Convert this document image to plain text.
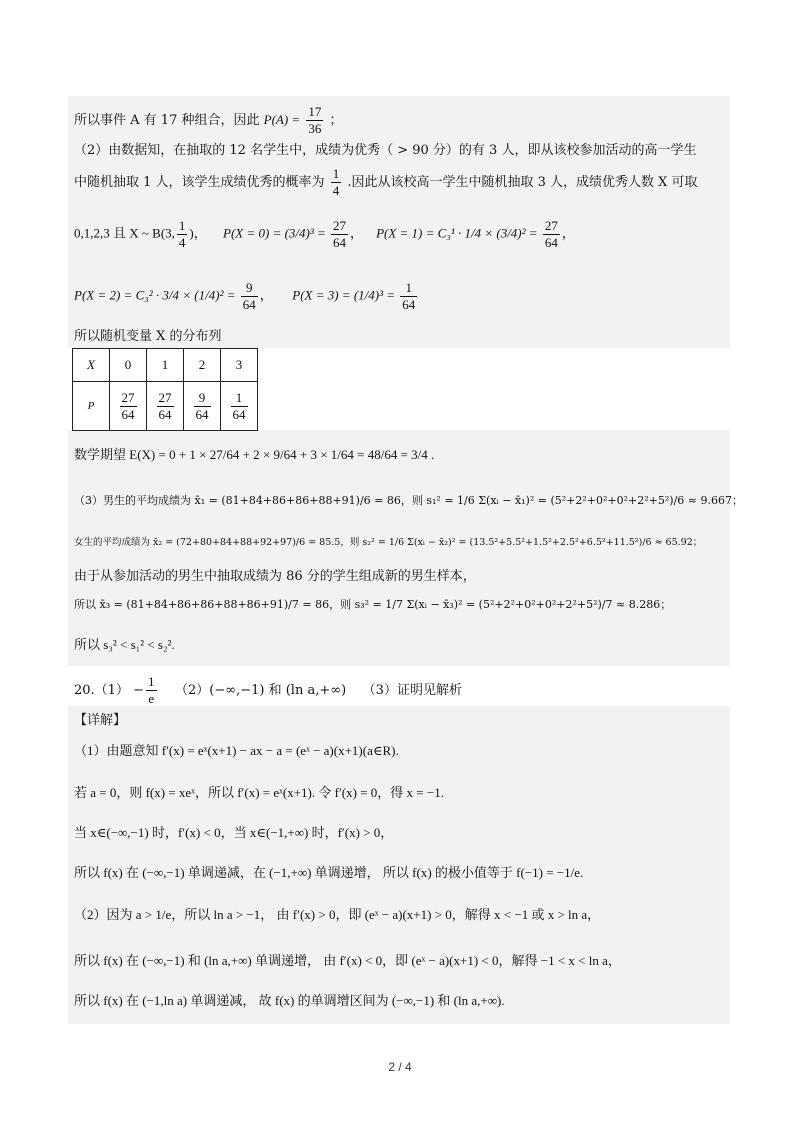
所以事件 A 有 17 种组合，因此 $P(A) = \frac{17}{36}$ ；
（2）由数据知，在抽取的 12 名学生中，成绩为优秀（ > 90 分）的有 3 人，即从该校参加活动的高一学生
中随机抽取 1 人，该学生成绩优秀的概率为 $\frac{1}{4}$ .因此从该校高一学生中随机抽取 3 人，成绩优秀人数 X 可取
0,1,2,3 且 X ~ B(3, $\frac{1}{4}$ )， $P(X = 0) = (3/4)^3 = \frac{27}{64}$ ，    $P(X = 1) = C_3^1 \cdot 1/4 \times (3/4)^2 = \frac{27}{64}$ ，
$P(X = 2) = C_3^2 \cdot 3/4 \times (1/4)^2 = \frac{9}{64}$ ，      $P(X = 3) = (1/4)^3 = \frac{1}{64}$
所以随机变量 X 的分布列
X	0	1	2	3
P	$\frac{27}{64}$	$\frac{27}{64}$	$\frac{9}{64}$	$\frac{1}{64}$
数学期望 E(X) = 0 + 1 × 27/64 + 2 × 9/64 + 3 × 1/64 = 48/64 = 3/4 .
（3）男生的平均成绩为 x̄₁ = (81+84+86+86+88+91)/6 = 86，则 s₁² = 1/6 Σ(xᵢ − x̄₁)² = (5²+2²+0²+0²+2²+5²)/6 ≈ 9.667；
女生的平均成绩为 x̄₂ = (72+80+84+88+92+97)/6 = 85.5，则 s₂² = 1/6 Σ(xᵢ − x̄₂)² = (13.5²+5.5²+1.5²+2.5²+6.5²+11.5²)/6 ≈ 65.92；
由于从参加活动的男生中抽取成绩为 86 分的学生组成新的男生样本，
所以 x̄₃ = (81+84+86+86+88+86+91)/7 = 86，则 s₃² = 1/7 Σ(xᵢ − x̄₃)² = (5²+2²+0²+0²+2²+5²)/7 ≈ 8.286；
所以 s₃² < s₁² < s₂².
$20.(1) - \frac{1}{e} (2)(-\infty,-1)$ 和 (ln a,+∞) （3）证明见解析
【详解】
（1）由题意知 f′(x) = eˣ(x+1) − ax − a = (eˣ − a)(x+1)(a∈R).
若 a = 0，则 f(x) = xeˣ，所以 f′(x) = eˣ(x+1). 令 f′(x) = 0，得 x = −1.
当 x∈(−∞,−1) 时，f′(x) < 0，当 x∈(−1,+∞) 时，f′(x) > 0，
所以 f(x) 在 (−∞,−1) 单调递减，在 (−1,+∞) 单调递增， 所以 f(x) 的极小值等于 f(−1) = −1/e.
（2）因为 a > 1/e，所以 ln a > −1， 由 f′(x) > 0，即 (eˣ − a)(x+1) > 0，解得 x < −1 或 x > ln a，
所以 f(x) 在 (−∞,−1) 和 (ln a,+∞) 单调递增， 由 f′(x) < 0，即 (eˣ − a)(x+1) < 0，解得 −1 < x < ln a，
所以 f(x) 在 (−1,ln a) 单调递减， 故 f(x) 的单调增区间为 (−∞,−1) 和 (ln a,+∞).
2 / 4
